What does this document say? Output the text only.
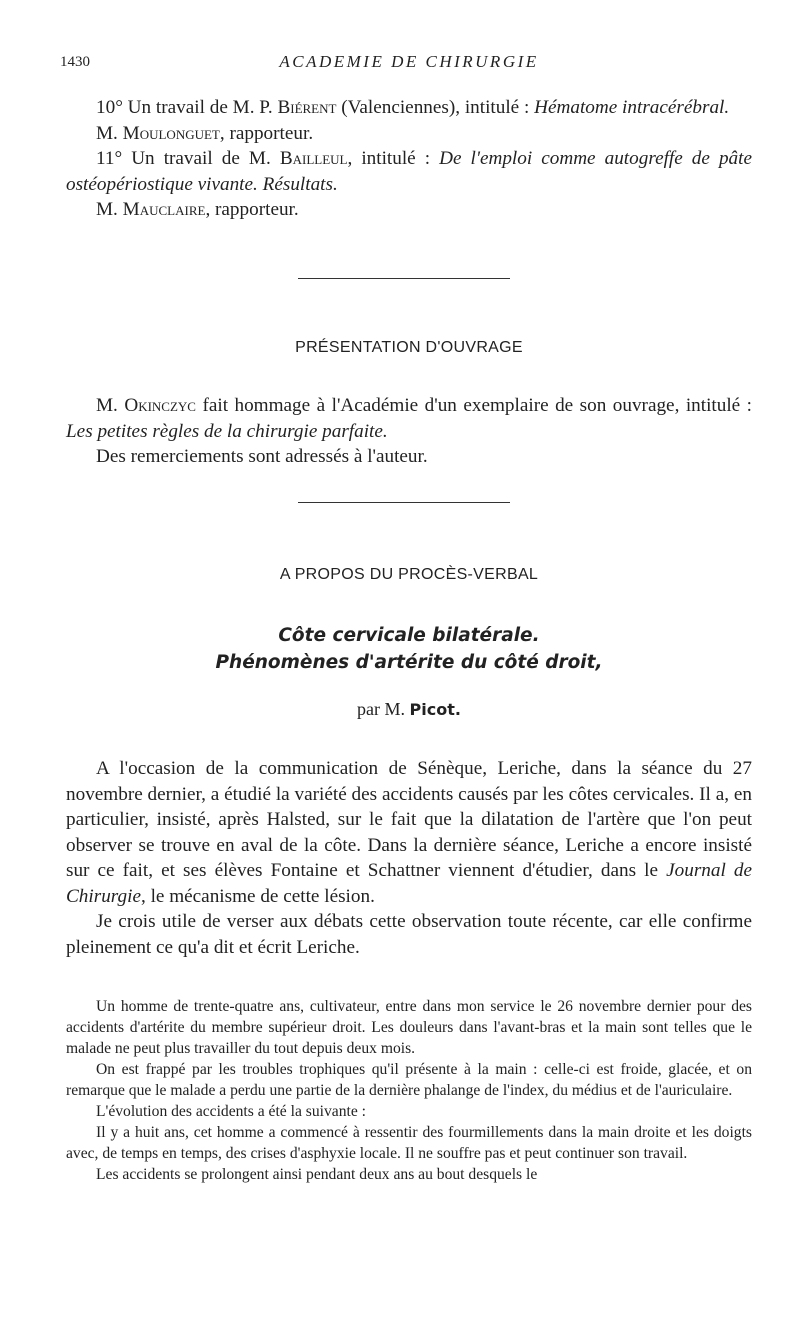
1430	ACADEMIE DE CHIRURGIE

10° Un travail de M. P. Biérent (Valenciennes), intitulé : Hématome intracérébral.

M. Moulonguet, rapporteur.

11° Un travail de M. Bailleul, intitulé : De l'emploi comme autogreffe de pâte ostéopériostique vivante. Résultats.

M. Mauclaire, rapporteur.

PRÉSENTATION D'OUVRAGE

M. Okinczyc fait hommage à l'Académie d'un exemplaire de son ouvrage, intitulé : Les petites règles de la chirurgie parfaite.

Des remerciements sont adressés à l'auteur.

A PROPOS DU PROCÈS-VERBAL
Côte cervicale bilatérale.
Phénomènes d'artérite du côté droit,
par M. Picot.

A l'occasion de la communication de Sénèque, Leriche, dans la séance du 27 novembre dernier, a étudié la variété des accidents causés par les côtes cervicales. Il a, en particulier, insisté, après Halsted, sur le fait que la dilatation de l'artère que l'on peut observer se trouve en aval de la côte. Dans la dernière séance, Leriche a encore insisté sur ce fait, et ses élèves Fontaine et Schattner viennent d'étudier, dans le Journal de Chirurgie, le mécanisme de cette lésion.

Je crois utile de verser aux débats cette observation toute récente, car elle confirme pleinement ce qu'a dit et écrit Leriche.

Un homme de trente-quatre ans, cultivateur, entre dans mon service le 26 novembre dernier pour des accidents d'artérite du membre supérieur droit. Les douleurs dans l'avant-bras et la main sont telles que le malade ne peut plus travailler du tout depuis deux mois.

On est frappé par les troubles trophiques qu'il présente à la main : celle-ci est froide, glacée, et on remarque que le malade a perdu une partie de la dernière phalange de l'index, du médius et de l'auriculaire.

L'évolution des accidents a été la suivante :

Il y a huit ans, cet homme a commencé à ressentir des fourmillements dans la main droite et les doigts avec, de temps en temps, des crises d'asphyxie locale. Il ne souffre pas et peut continuer son travail.

Les accidents se prolongent ainsi pendant deux ans au bout desquels le
